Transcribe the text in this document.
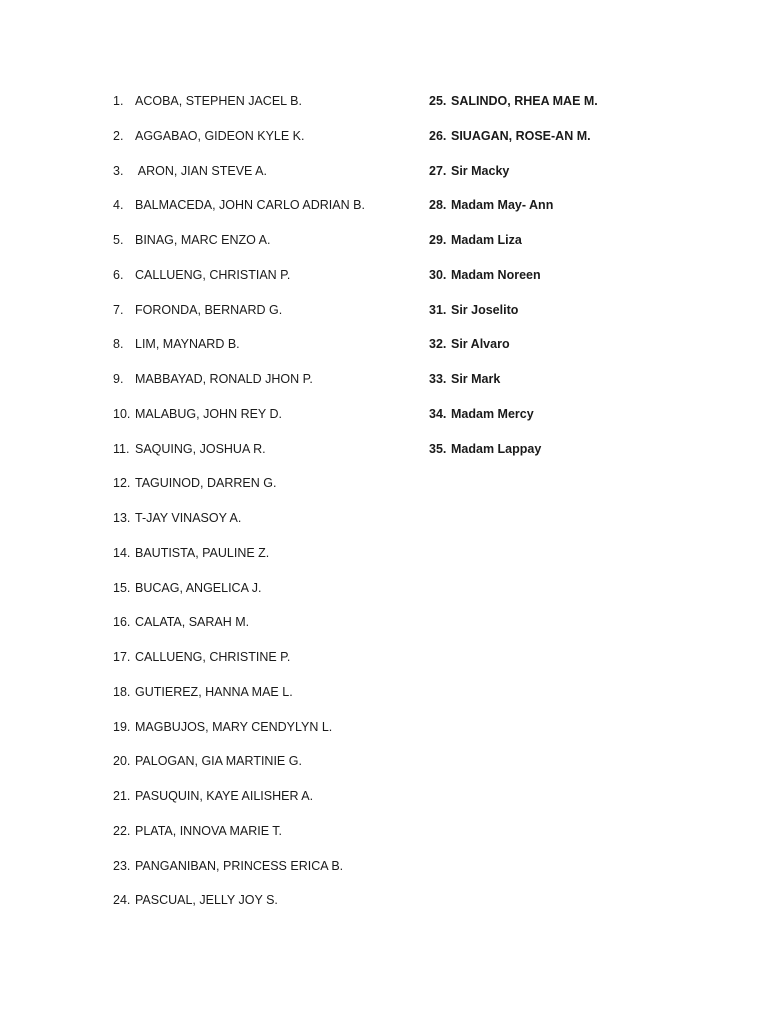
1. ACOBA, STEPHEN JACEL B.
2. AGGABAO, GIDEON KYLE K.
3. ARON, JIAN STEVE A.
4. BALMACEDA, JOHN CARLO ADRIAN B.
5. BINAG, MARC ENZO A.
6. CALLUENG, CHRISTIAN P.
7. FORONDA, BERNARD G.
8. LIM, MAYNARD B.
9. MABBAYAD, RONALD JHON P.
10. MALABUG, JOHN REY D.
11. SAQUING, JOSHUA R.
12. TAGUINOD, DARREN G.
13. T-JAY VINASOY A.
14. BAUTISTA, PAULINE Z.
15. BUCAG, ANGELICA J.
16. CALATA, SARAH M.
17. CALLUENG, CHRISTINE P.
18. GUTIEREZ, HANNA MAE L.
19. MAGBUJOS, MARY CENDYLYN L.
20. PALOGAN, GIA MARTINIE G.
21. PASUQUIN, KAYE AILISHER A.
22. PLATA, INNOVA MARIE T.
23. PANGANIBAN, PRINCESS ERICA B.
24. PASCUAL, JELLY JOY S.
25. SALINDO, RHEA MAE M.
26. SIUAGAN, ROSE-AN M.
27. Sir Macky
28. Madam May- Ann
29. Madam Liza
30. Madam Noreen
31. Sir Joselito
32. Sir Alvaro
33. Sir Mark
34. Madam Mercy
35. Madam Lappay
